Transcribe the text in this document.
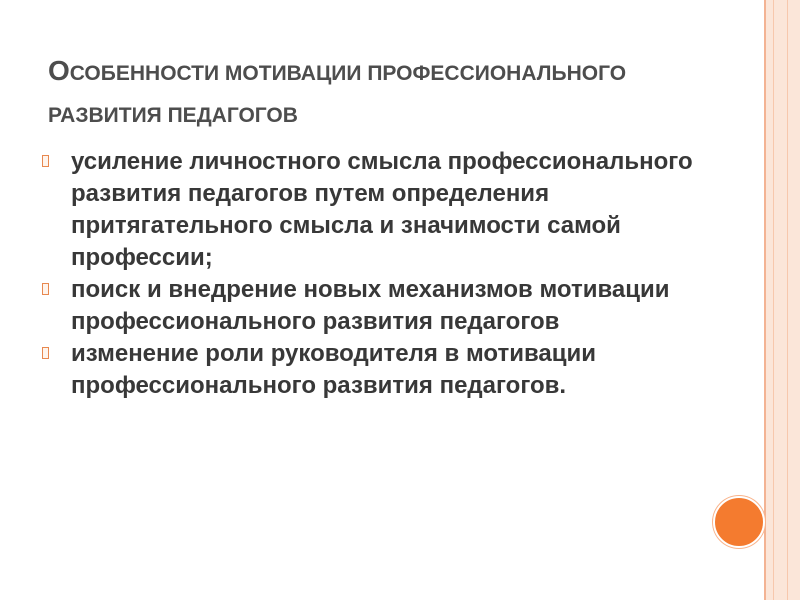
ОСОБЕННОСТИ МОТИВАЦИИ ПРОФЕССИОНАЛЬНОГО РАЗВИТИЯ ПЕДАГОГОВ
усиление личностного смысла профессионального развития педагогов путем определения притягательного смысла и значимости самой профессии;
поиск и внедрение новых механизмов мотивации профессионального развития педагогов
изменение роли руководителя в мотивации профессионального развития педагогов.
